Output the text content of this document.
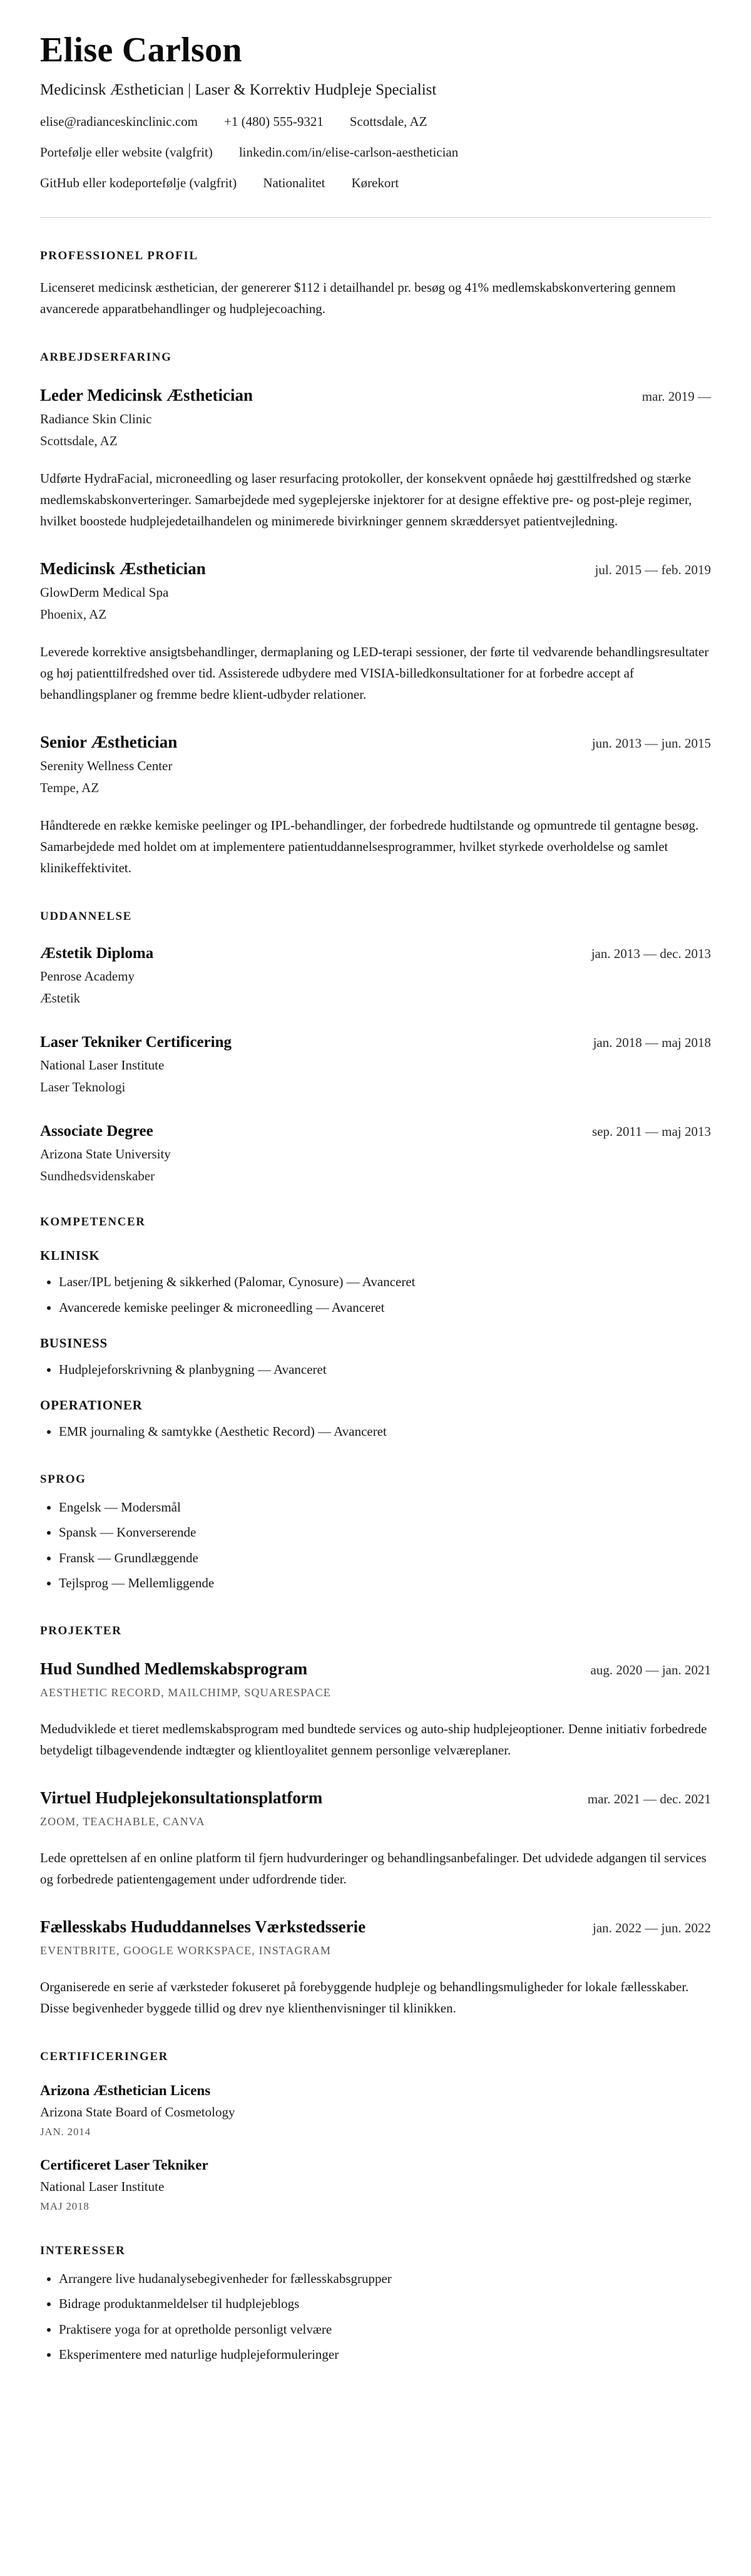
Elise Carlson
Medicinsk Æsthetician | Laser & Korrektiv Hudpleje Specialist
elise@radianceskinclinic.com +1 (480) 555-9321 Scottsdale, AZ
Portefølje eller website (valgfrit) linkedin.com/in/elise-carlson-aesthetician
GitHub eller kodeportefølje (valgfrit) Nationalitet Kørekort
PROFESSIONEL PROFIL

Licenseret medicinsk æsthetician, der genererer $112 i detailhandel pr. besøg og 41% medlemskabskonvertering gennem avancerede apparatbehandlinger og hudplejecoaching.

ARBEJDSERFARING
Leder Medicinsk Æsthetician	mar. 2019 —
Radiance Skin Clinic
Scottsdale, AZ

Udførte HydraFacial, microneedling og laser resurfacing protokoller, der konsekvent opnåede høj gæsttilfredshed og stærke medlemskabskonverteringer. Samarbejdede med sygeplejerske injektorer for at designe effektive pre- og post-pleje regimer, hvilket boostede hudplejedetailhandelen og minimerede bivirkninger gennem skræddersyet patientvejledning.

Medicinsk Æsthetician	jul. 2015 — feb. 2019
GlowDerm Medical Spa
Phoenix, AZ

Leverede korrektive ansigtsbehandlinger, dermaplaning og LED-terapi sessioner, der førte til vedvarende behandlingsresultater og høj patienttilfredshed over tid. Assisterede udbydere med VISIA-billedkonsultationer for at forbedre accept af behandlingsplaner og fremme bedre klient-udbyder relationer.

Senior Æsthetician	jun. 2013 — jun. 2015
Serenity Wellness Center
Tempe, AZ

Håndterede en række kemiske peelinger og IPL-behandlinger, der forbedrede hudtilstande og opmuntrede til gentagne besøg. Samarbejdede med holdet om at implementere patientuddannelsesprogrammer, hvilket styrkede overholdelse og samlet klinikeffektivitet.

UDDANNELSE
Æstetik Diploma	jan. 2013 — dec. 2013
Penrose Academy
Æstetik
Laser Tekniker Certificering	jan. 2018 — maj 2018
National Laser Institute
Laser Teknologi
Associate Degree	sep. 2011 — maj 2013
Arizona State University
Sundhedsvidenskaber
KOMPETENCER
KLINISK
• Laser/IPL betjening & sikkerhed (Palomar, Cynosure) — Avanceret
• Avancerede kemiske peelinger & microneedling — Avanceret
BUSINESS
• Hudplejeforskrivning & planbygning — Avanceret
OPERATIONER
• EMR journaling & samtykke (Aesthetic Record) — Avanceret
SPROG
• Engelsk — Modersmål
• Spansk — Konverserende
• Fransk — Grundlæggende
• Tejlsprog — Mellemliggende
PROJEKTER
Hud Sundhed Medlemskabsprogram	aug. 2020 — jan. 2021
AESTHETIC RECORD, MAILCHIMP, SQUARESPACE

Medudviklede et tieret medlemskabsprogram med bundtede services og auto-ship hudplejeoptioner. Denne initiativ forbedrede betydeligt tilbagevendende indtægter og klientloyalitet gennem personlige velværeplaner.

Virtuel Hudplejekonsultationsplatform	mar. 2021 — dec. 2021
ZOOM, TEACHABLE, CANVA

Lede oprettelsen af en online platform til fjern hudvurderinger og behandlingsanbefalinger. Det udvidede adgangen til services og forbedrede patientengagement under udfordrende tider.

Fællesskabs Hududdannelses Værkstedsserie	jan. 2022 — jun. 2022
EVENTBRITE, GOOGLE WORKSPACE, INSTAGRAM

Organiserede en serie af værksteder fokuseret på forebyggende hudpleje og behandlingsmuligheder for lokale fællesskaber. Disse begivenheder byggede tillid og drev nye klienthenvisninger til klinikken.

CERTIFICERINGER
Arizona Æsthetician Licens
Arizona State Board of Cosmetology
JAN. 2014
Certificeret Laser Tekniker
National Laser Institute
MAJ 2018
INTERESSER
• Arrangere live hudanalysebegivenheder for fællesskabsgrupper
• Bidrage produktanmeldelser til hudplejeblogs
• Praktisere yoga for at opretholde personligt velvære
• Eksperimentere med naturlige hudplejeformuleringer
